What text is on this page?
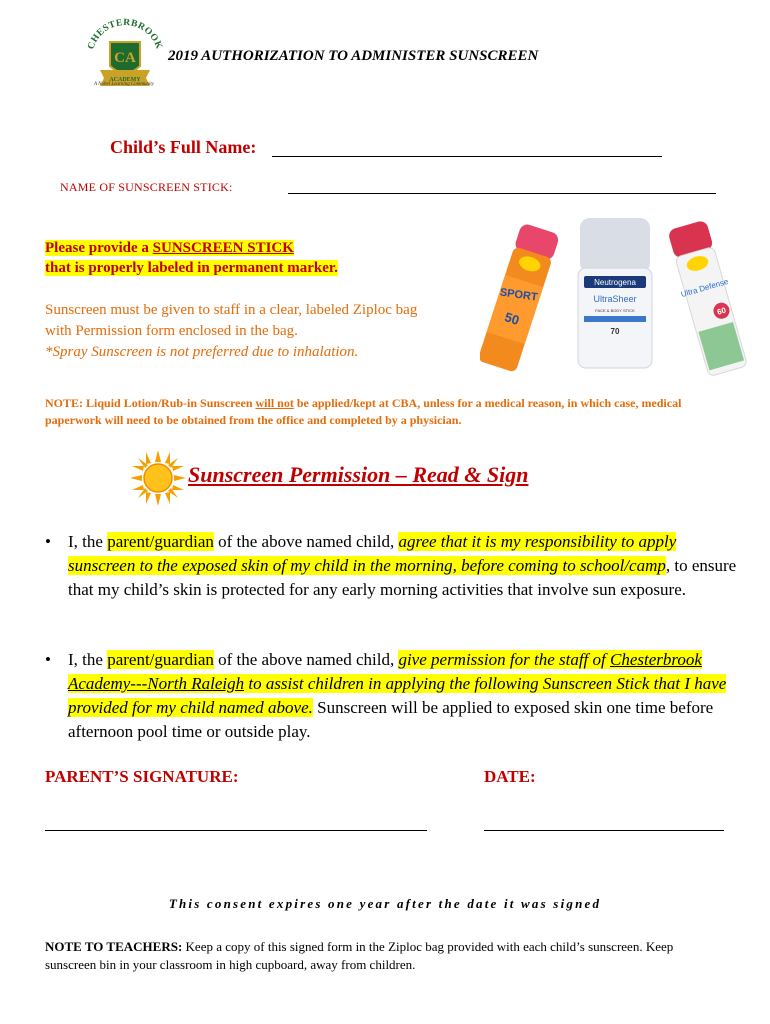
CHESTERBROOK
CA
ACADEMY
A Nobel Learning Community
2019 AUTHORIZATION TO ADMINISTER SUNSCREEN
Child’s Full Name:
NAME OF SUNSCREEN STICK:
Please provide a SUNSCREEN STICK
that is properly labeled in permanent marker.
Sunscreen must be given to staff in a clear, labeled Ziploc bag
with Permission form enclosed in the bag.
*Spray Sunscreen is not preferred due to inhalation.
SPORT
50
Neutrogena
UltraSheer
FACE & BODY STICK
70
Ultra Defense
60
NOTE: Liquid Lotion/Rub-in Sunscreen will not be applied/kept at CBA, unless for a medical reason, in which case, medical paperwork will need to be obtained from the office and completed by a physician.
Sunscreen Permission – Read & Sign
• I, the parent/guardian of the above named child, agree that it is my responsibility to apply sunscreen to the exposed skin of my child in the morning, before coming to school/camp, to ensure that my child’s skin is protected for any early morning activities that involve sun exposure.
• I, the parent/guardian of the above named child, give permission for the staff of Chesterbrook Academy---North Raleigh to assist children in applying the following Sunscreen Stick that I have provided for my child named above. Sunscreen will be applied to exposed skin one time before afternoon pool time or outside play.
PARENT’S SIGNATURE:	DATE:
This consent expires one year after the date it was signed
NOTE TO TEACHERS: Keep a copy of this signed form in the Ziploc bag provided with each child’s sunscreen. Keep sunscreen bin in your classroom in high cupboard, away from children.
